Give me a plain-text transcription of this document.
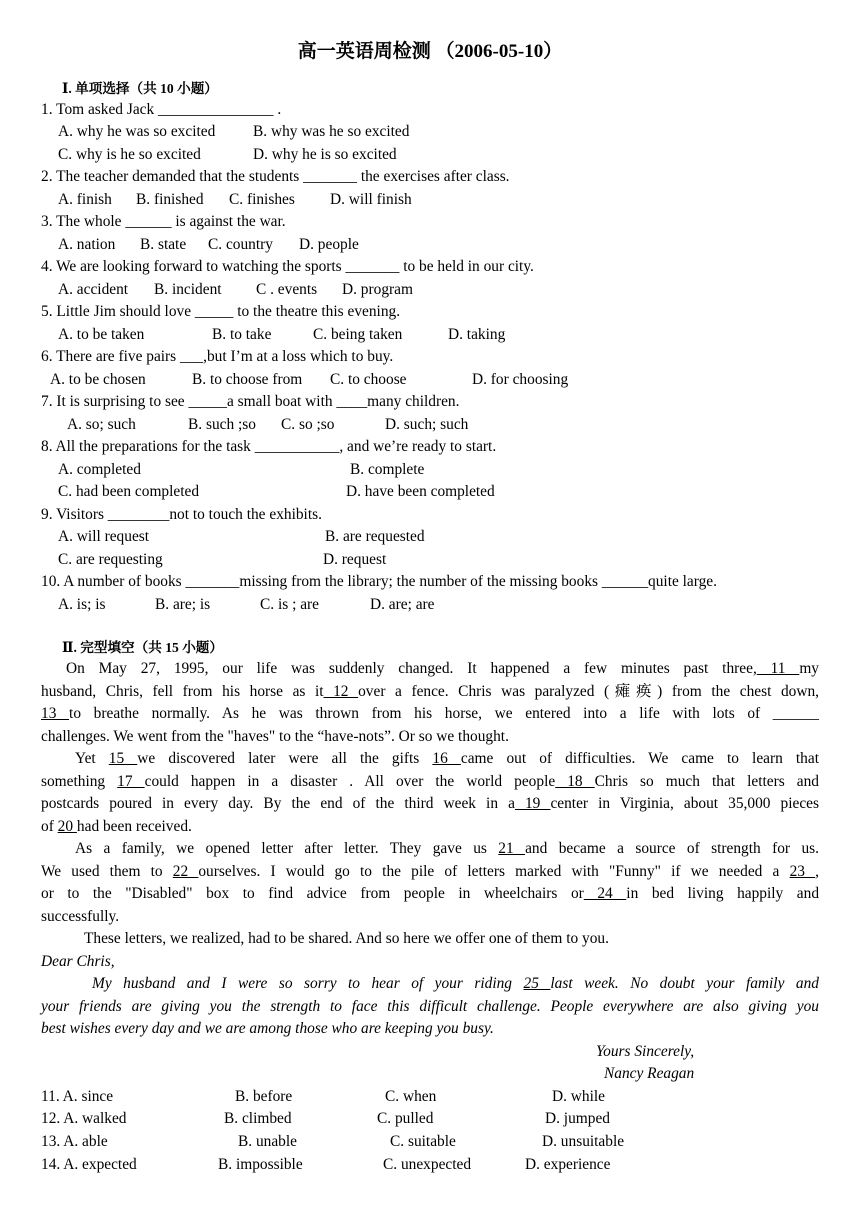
高一英语周检测 （2006-05-10）
Ⅰ. 单项选择（共 10 小题）
1. Tom asked Jack _______________ .
A. why he was so excited B. why was he so excited
C. why is he so excited	D. why he is so excited
2. The teacher demanded that the students _______ the exercises after class.
A. finish B. finished C. finishes D. will finish
3. The whole ______ is against the war.
A. nation B. state C. country D. people
4. We are looking forward to watching the sports _______ to be held in our city.
A. accident B. incident C . events D. program
5. Little Jim should love _____ to the theatre this evening.
A. to be taken	B. to take	C. being taken	D. taking
6. There are five pairs ___,but I’m at a loss which to buy.
A. to be chosen	B. to choose from C. to choose	D. for choosing
7. It is surprising to see _____a small boat with ____many children.
A. so; such	B. such ;so C. so ;so	D. such; such
8. All the preparations for the task ___________, and we’re ready to start.
A. completed	B. complete
C. had been completed	D. have been completed
9. Visitors ________not to touch the exhibits.
A. will request	B. are requested
C. are requesting	D. request
10. A number of books _______missing from the library; the number of the missing books ______quite large.
A. is; is	B. are; is	C. is ; are	D. are; are
Ⅱ. 完型填空（共 15 小题）
On May 27, 1995, our life was suddenly changed. It happened a few minutes past three, 11 my
husband, Chris, fell from his horse as it 12 over a fence. Chris was paralyzed (瘫痪) from the chest down,
13 to breathe normally. As he was thrown from his horse, we entered into a life with lots of ______
challenges. We went from the "haves" to the “have-nots”. Or so we thought.
Yet 15 we discovered later were all the gifts 16 came out of difficulties. We came to learn that
something 17 could happen in a disaster . All over the world people 18 Chris so much that letters and
postcards poured in every day. By the end of the third week in a 19 center in Virginia, about 35,000 pieces
of 20 had been received.
As a family, we opened letter after letter. They gave us 21 and became a source of strength for us.
We used them to 22 ourselves. I would go to the pile of letters marked with "Funny" if we needed a 23 ,
or to the "Disabled" box to find advice from people in wheelchairs or 24 in bed living happily and
successfully.
These letters, we realized, had to be shared. And so here we offer one of them to you.
Dear Chris,
My husband and I were so sorry to hear of your riding 25 last week. No doubt your family and
your friends are giving you the strength to face this difficult challenge. People everywhere are also giving you
best wishes every day and we are among those who are keeping you busy.
Yours Sincerely,
Nancy Reagan
11. A. since	B. before	C. when	D. while
12. A. walked	B. climbed	C. pulled	D. jumped
13. A. able	B. unable	C. suitable	D. unsuitable
14. A. expected	B. impossible	C. unexpected	D. experience
